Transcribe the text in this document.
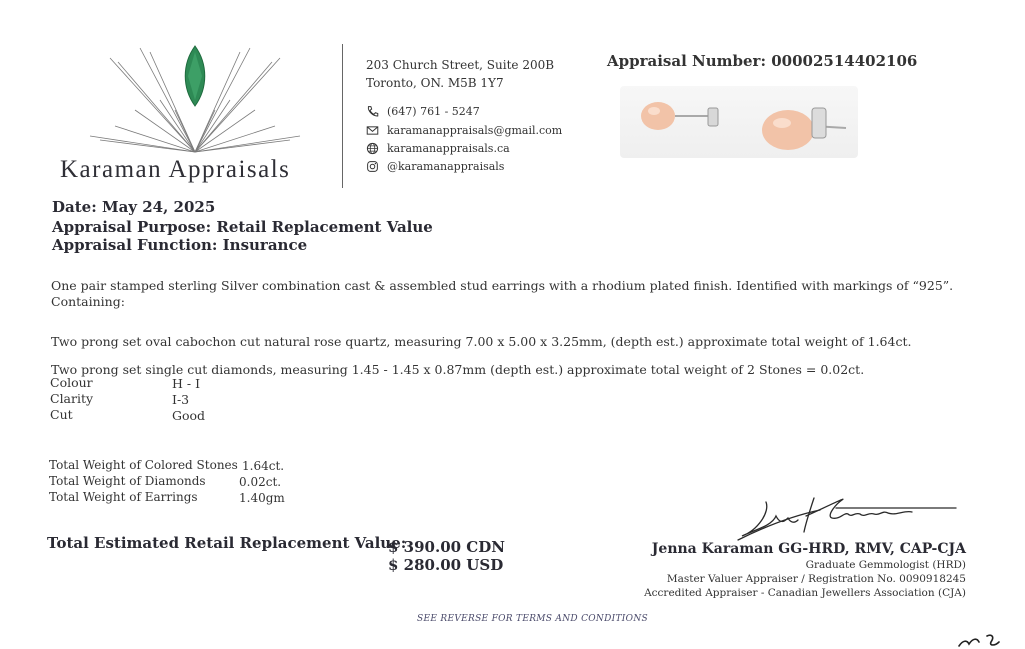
Karaman Appraisals
203 Church Street, Suite 200B
Toronto, ON. M5B 1Y7
(647) 761 - 5247
karamanappraisals@gmail.com
karamanappraisals.ca
@karamanappraisals
Appraisal Number: 00002514402106
Date: May 24, 2025
Appraisal Purpose: Retail Replacement Value
Appraisal Function: Insurance
One pair stamped sterling Silver combination cast & assembled stud earrings with a rhodium plated finish. Identified with markings of “925”.
Containing:
Two prong set oval cabochon cut natural rose quartz, measuring 7.00 x 5.00 x 3.25mm, (depth est.) approximate total weight of 1.64ct.
Two prong set single cut diamonds, measuring 1.45 - 1.45 x 0.87mm (depth est.) approximate total weight of 2 Stones = 0.02ct.
Colour	H - I
Clarity	I-3
Cut	Good
Total Weight of Colored Stones 1.64ct.
Total Weight of Diamonds	0.02ct.
Total Weight of Earrings	1.40gm
Total Estimated Retail Replacement Value:
$ 390.00 CDN
$ 280.00 USD
Jenna Karaman GG-HRD, RMV, CAP-CJA
Graduate Gemmologist (HRD)
Master Valuer Appraiser / Registration No. 0090918245
Accredited Appraiser - Canadian Jewellers Association (CJA)
SEE REVERSE FOR TERMS AND CONDITIONS
